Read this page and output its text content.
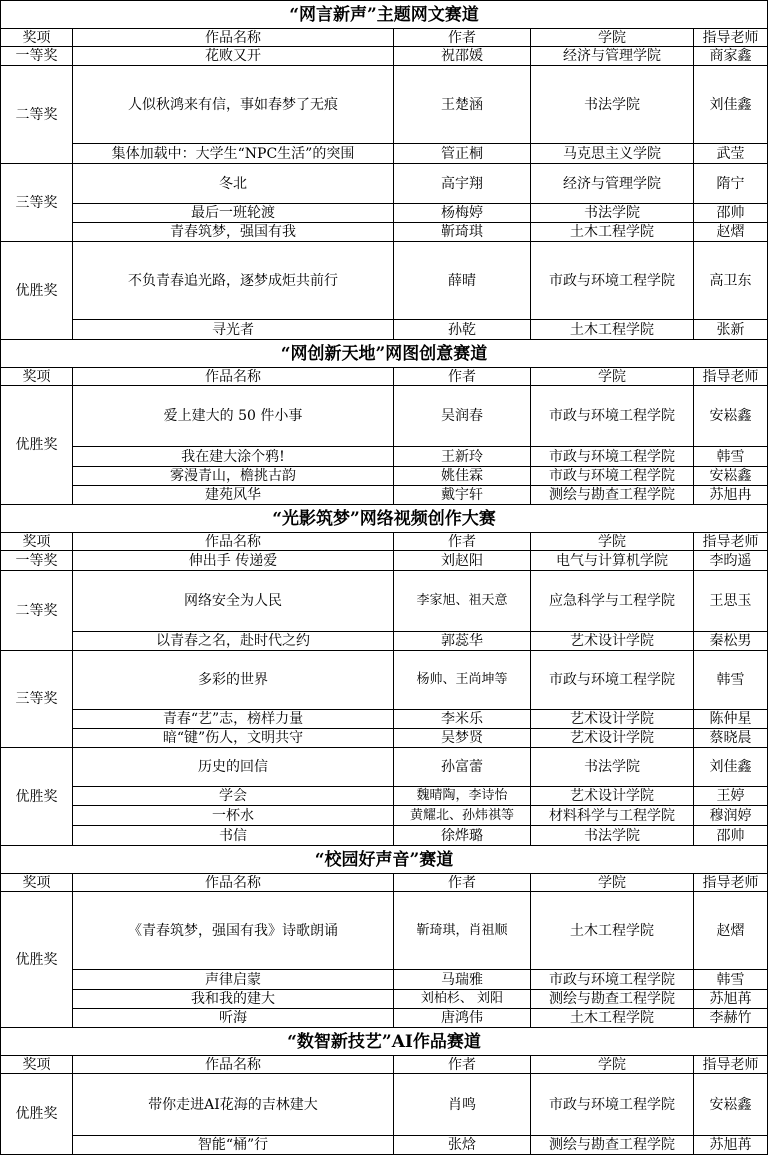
“网言新声”主题网文赛道				
奖项	作品名称	作者	学院	指导老师
一等奖	花败又开	祝邵媛	经济与管理学院	商家鑫
二等奖	人似秋鸿来有信，事如春梦了无痕	王楚涵	书法学院	刘佳鑫
	集体加载中：大学生“NPC生活”的突围	管正桐	马克思主义学院	武莹
三等奖	冬北	高宇翔	经济与管理学院	隋宁
	最后一班轮渡	杨梅婷	书法学院	邵帅
	青春筑梦，强国有我	靳琦琪	土木工程学院	赵熠
优胜奖	不负青春追光路，逐梦成炬共前行	薛晴	市政与环境工程学院	高卫东
	寻光者	孙乾	土木工程学院	张新
“网创新天地”网图创意赛道				
奖项	作品名称	作者	学院	指导老师
优胜奖	爱上建大的 50 件小事	吴润春	市政与环境工程学院	安崧鑫
	我在建大涂个鸦!	王新玲	市政与环境工程学院	韩雪
	雾漫青山，檐挑古韵	姚佳霖	市政与环境工程学院	安崧鑫
	建苑风华	戴宇轩	测绘与勘查工程学院	苏旭冉
“光影筑梦”网络视频创作大赛				
奖项	作品名称	作者	学院	指导老师
一等奖	伸出手 传递爱	刘赵阳	电气与计算机学院	李昀遥
二等奖	网络安全为人民	李家旭、祖天意	应急科学与工程学院	王思玉
	以青春之名，赴时代之约	郭蕊华	艺术设计学院	秦松男
三等奖	多彩的世界	杨帅、王尚坤等	市政与环境工程学院	韩雪
	青春“艺”志，榜样力量	李米乐	艺术设计学院	陈仲星
	暗“键”伤人，文明共守	吴梦贤	艺术设计学院	蔡晓晨
优胜奖	历史的回信	孙富蕾	书法学院	刘佳鑫
	学会	魏晴陶，李诗怡	艺术设计学院	王婷
	一杯水	黄耀北、孙炜祺等	材料科学与工程学院	穆润婷
	书信	徐烨璐	书法学院	邵帅
“校园好声音”赛道				
奖项	作品名称	作者	学院	指导老师
优胜奖	《青春筑梦，强国有我》诗歌朗诵	靳琦琪，肖祖顺	土木工程学院	赵熠
	声律启蒙	马瑞雅	市政与环境工程学院	韩雪
	我和我的建大	刘柏杉、 刘阳	测绘与勘查工程学院	苏旭苒
	听海	唐鸿伟	土木工程学院	李赫竹
“数智新技艺”AI作品赛道				
奖项	作品名称	作者	学院	指导老师
优胜奖	带你走进AI花海的吉林建大	肖鸣	市政与环境工程学院	安崧鑫
	智能“桶”行	张焓	测绘与勘查工程学院	苏旭苒
